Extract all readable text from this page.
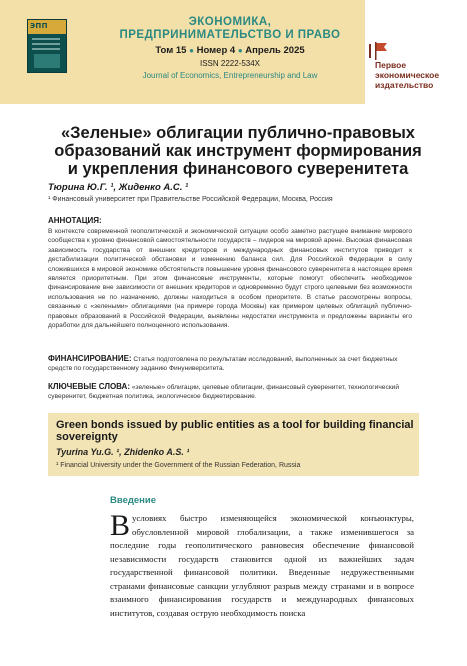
ЭПП	ЭКОНОМИКА,
ПРЕДПРИНИМАТЕЛЬСТВО И ПРАВО
Том 15 ● Номер 4 ● Апрель 2025
ISSN 2222-534X
Journal of Economics, Entrepreneurship and Law
Первое
экономическое
издательство
«Зеленые» облигации публично-правовых образований как инструмент формирования и укрепления финансового суверенитета
Тюрина Ю.Г. ¹, Жиденко А.С. ¹
¹ Финансовый университет при Правительстве Российской Федерации, Москва, Россия
АННОТАЦИЯ:
В контексте современной геополитической и экономической ситуации особо заметно растущее внимание мирового сообщества к уровню финансовой самостоятельности государств – лидеров на мировой арене. Высокая финансовая зависимость государства от внешних кредиторов и международных финансовых институтов приводит к дестабилизации политической обстановки и изменению баланса сил. Для Российской Федерации в силу сложившихся в мировой экономике обстоятельств повышение уровня финансового суверенитета в настоящее время является приоритетным. При этом финансовые инструменты, которые помогут обеспечить необходимое финансирование вне зависимости от внешних кредиторов и одновременно будут строго целевыми без возможности использования не по назначению, должны находиться в особом приоритете. В статье рассмотрены вопросы, связанные с «зелеными» облигациями (на примере города Москвы) как примером целевых облигаций публично-правовых образований в Российской Федерации, выявлены недостатки инструмента и предложены варианты его доработки для дальнейшего полноценного использования.
ФИНАНСИРОВАНИЕ: Статья подготовлена по результатам исследований, выполненных за счет бюджетных средств по государственному заданию Финуниверситета.
КЛЮЧЕВЫЕ СЛОВА: «зеленые» облигации, целевые облигации, финансовый суверенитет, технологический суверенитет, бюджетная политика, экологическое бюджетирование.
Green bonds issued by public entities as a tool for building financial sovereignty
Tyurina Yu.G. ¹, Zhidenko A.S. ¹
¹ Financial University under the Government of the Russian Federation, Russia
Введение
В условиях быстро изменяющейся экономической конъюнктуры, обусловленной мировой глобализации, а также изменившегося за последние годы геополитического равновесия обеспечение финансовой независимости государств становится одной из важнейших задач государственной финансовой политики. Введенные недружественными странами финансовые санкции углубляют разрыв между странами и в вопросе взаимного финансирования государств и международных финансовых институтов, создавая острую необходимость поиска
